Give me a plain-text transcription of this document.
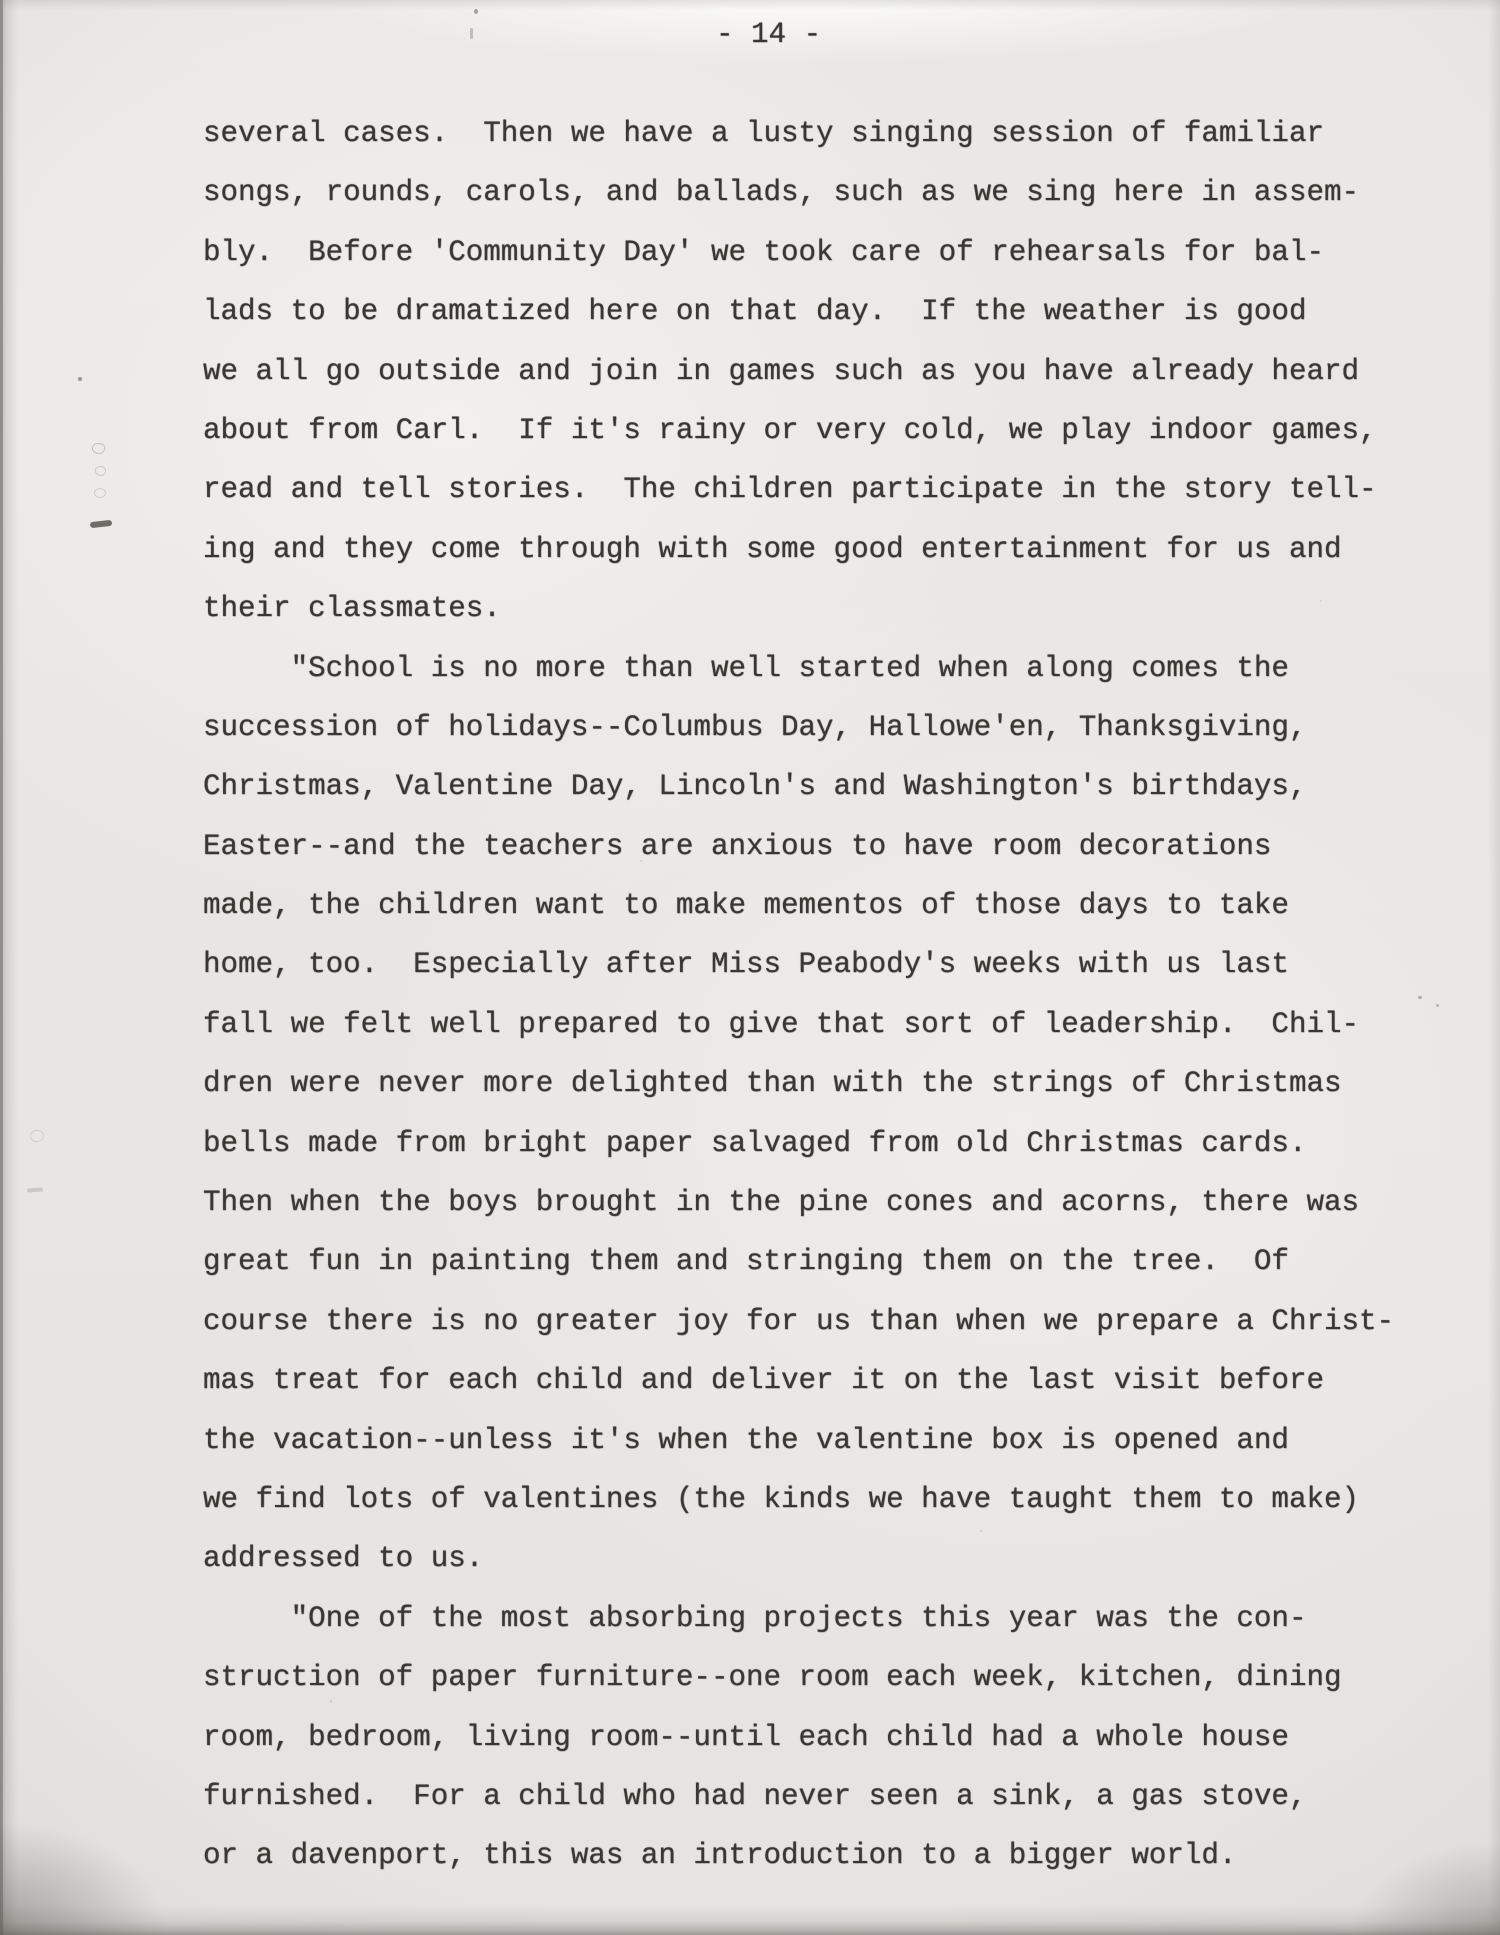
- 14 -
several cases.  Then we have a lusty singing session of familiar
songs, rounds, carols, and ballads, such as we sing here in assem-
bly.  Before 'Community Day' we took care of rehearsals for bal-
lads to be dramatized here on that day.  If the weather is good
we all go outside and join in games such as you have already heard
about from Carl.  If it's rainy or very cold, we play indoor games,
read and tell stories.  The children participate in the story tell-
ing and they come through with some good entertainment for us and
their classmates.
"School is no more than well started when along comes the
succession of holidays--Columbus Day, Hallowe'en, Thanksgiving,
Christmas, Valentine Day, Lincoln's and Washington's birthdays,
Easter--and the teachers are anxious to have room decorations
made, the children want to make mementos of those days to take
home, too.  Especially after Miss Peabody's weeks with us last
fall we felt well prepared to give that sort of leadership.  Chil-
dren were never more delighted than with the strings of Christmas
bells made from bright paper salvaged from old Christmas cards.
Then when the boys brought in the pine cones and acorns, there was
great fun in painting them and stringing them on the tree.  Of
course there is no greater joy for us than when we prepare a Christ-
mas treat for each child and deliver it on the last visit before
the vacation--unless it's when the valentine box is opened and
we find lots of valentines (the kinds we have taught them to make)
addressed to us.
"One of the most absorbing projects this year was the con-
struction of paper furniture--one room each week, kitchen, dining
room, bedroom, living room--until each child had a whole house
furnished.  For a child who had never seen a sink, a gas stove,
or a davenport, this was an introduction to a bigger world.
